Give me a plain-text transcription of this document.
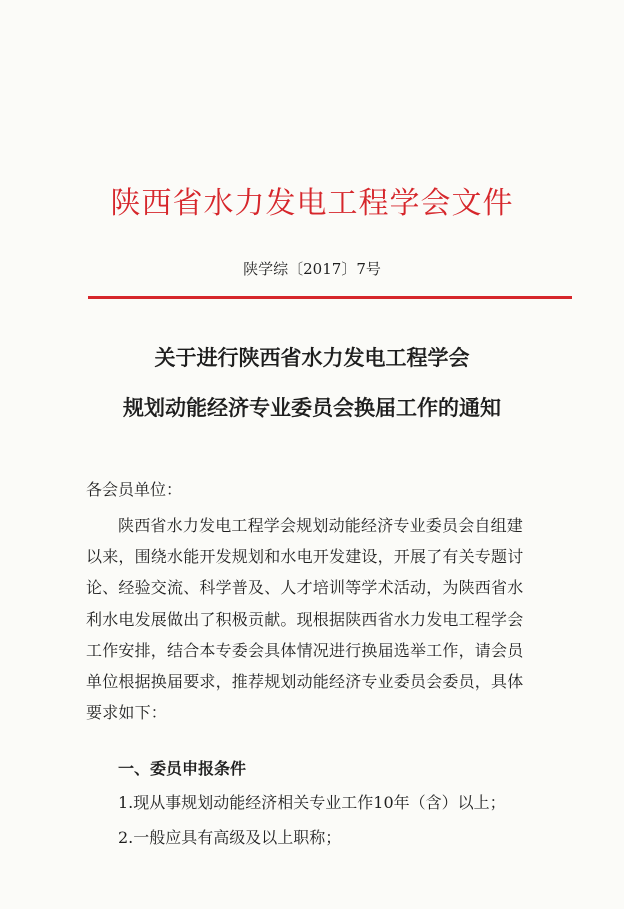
陕西省水力发电工程学会文件
陕学综〔2017〕7号
关于进行陕西省水力发电工程学会
规划动能经济专业委员会换届工作的通知
各会员单位：

陕西省水力发电工程学会规划动能经济专业委员会自组建
以来，围绕水能开发规划和水电开发建设，开展了有关专题讨
论、经验交流、科学普及、人才培训等学术活动，为陕西省水
利水电发展做出了积极贡献。现根据陕西省水力发电工程学会
工作安排，结合本专委会具体情况进行换届选举工作，请会员
单位根据换届要求，推荐规划动能经济专业委员会委员，具体
要求如下：

一、委员申报条件
1.现从事规划动能经济相关专业工作10年（含）以上；
2.一般应具有高级及以上职称；
